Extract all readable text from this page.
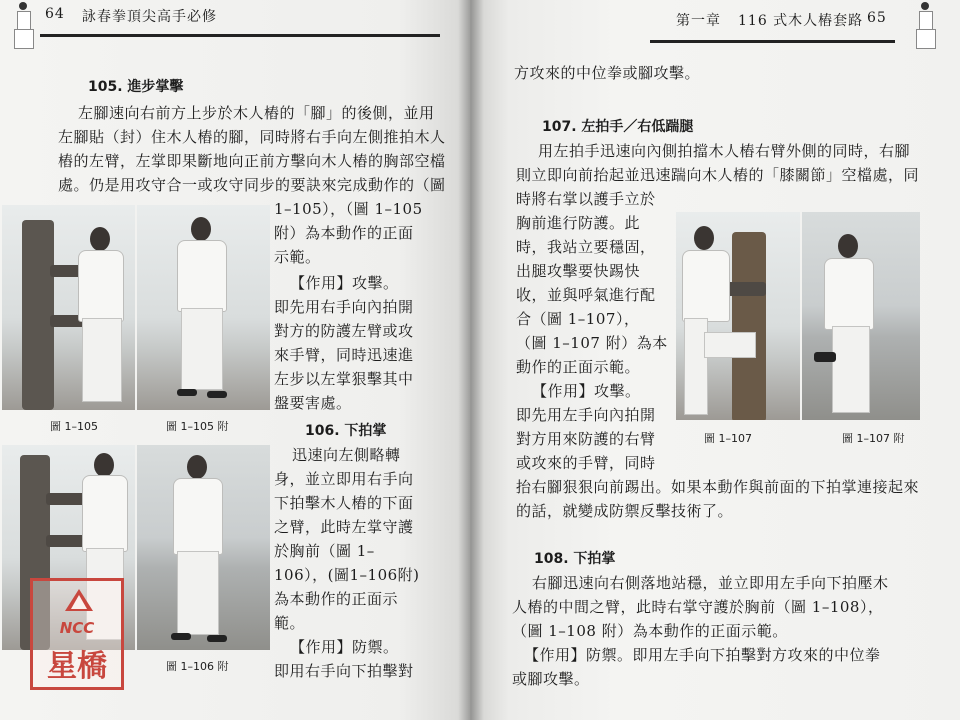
64 詠春拳頂尖高手必修
105. 進步掌擊
左腳速向右前方上步於木人樁的「腳」的後側，並用
左腳貼（封）住木人樁的腳，同時將右手向左側推拍木人
樁的左臂，左掌即果斷地向正前方擊向木人樁的胸部空檔
處。仍是用攻守合一或攻守同步的要訣來完成動作的（圖
1–105），（圖 1–105
附）為本動作的正面
示範。
【作用】攻擊。
即先用右手向內拍開
對方的防護左臂或攻
來手臂，同時迅速進
左步以左掌狠擊其中
盤要害處。
圖 1–105	圖 1–105 附	106. 下拍掌
迅速向左側略轉
身，並立即用右手向
下拍擊木人樁的下面
之臂，此時左掌守護
於胸前（圖 1–
106），(圖1–106附)
為本動作的正面示
範。
【作用】防禦。
即用右手向下拍擊對
圖 1–106 附
NCC
星橋
第一章 116 式木人樁套路 65
方攻來的中位拳或腳攻擊。
107. 左拍手／右低踹腿
用左拍手迅速向內側拍擋木人樁右臂外側的同時，右腳
則立即向前抬起並迅速踹向木人樁的「膝關節」空檔處，同
時將右掌以護手立於
胸前進行防護。此
時，我站立要穩固，
出腿攻擊要快踢快
收，並與呼氣進行配
合（圖 1–107），
（圖 1–107 附）為本
動作的正面示範。
【作用】攻擊。
即先用左手向內拍開
對方用來防護的右臂
或攻來的手臂，同時
抬右腳狠狠向前踢出。如果本動作與前面的下拍掌連接起來
的話，就變成防禦反擊技術了。
圖 1–107	圖 1–107 附
108. 下拍掌
右腳迅速向右側落地站穩，並立即用左手向下拍壓木
人樁的中間之臂，此時右掌守護於胸前（圖 1–108），
（圖 1–108 附）為本動作的正面示範。
【作用】防禦。即用左手向下拍擊對方攻來的中位拳
或腳攻擊。
